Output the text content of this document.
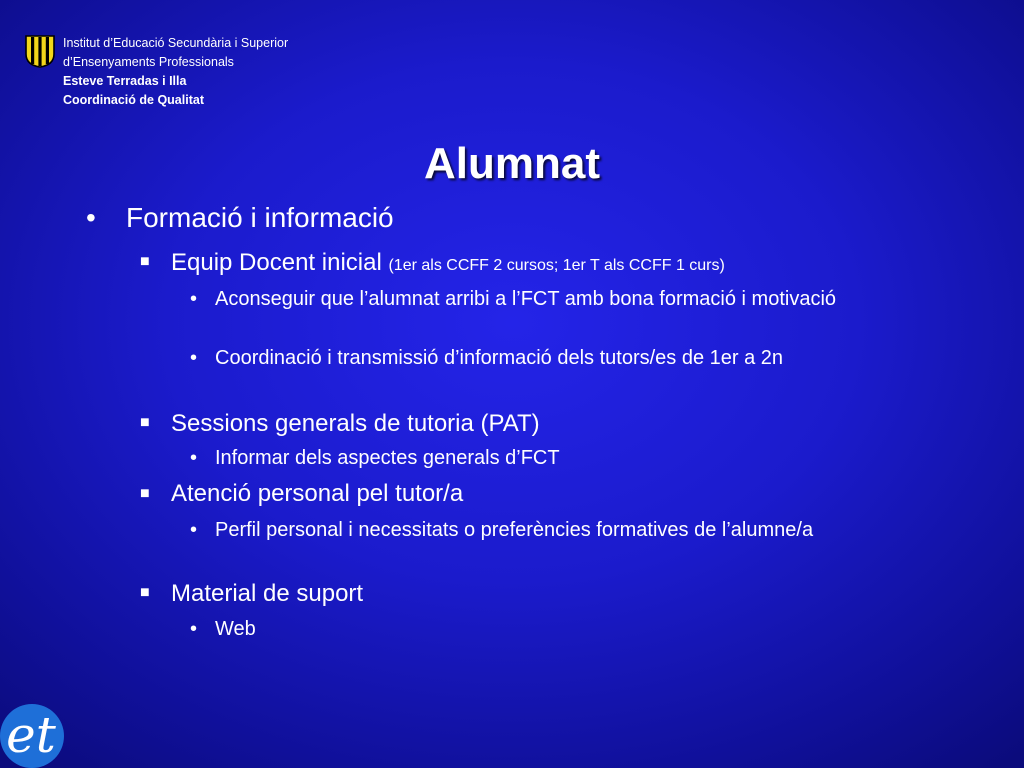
Institut d’Educació Secundària i Superior
d’Ensenyaments Professionals
Esteve Terradas i Illa
Coordinació de Qualitat
Alumnat
• Formació i informació
■ Equip Docent inicial (1er als CCFF 2 cursos; 1er T als CCFF 1 curs)
• Aconseguir que l’alumnat arribi a l’FCT amb bona formació i motivació
• Coordinació i transmissió d’informació dels tutors/es de 1er a 2n
■ Sessions generals de tutoria (PAT)
• Informar dels aspectes generals d’FCT
■ Atenció personal pel tutor/a
• Perfil personal i necessitats o preferències formatives de l’alumne/a
■ Material de suport
• Web
et
